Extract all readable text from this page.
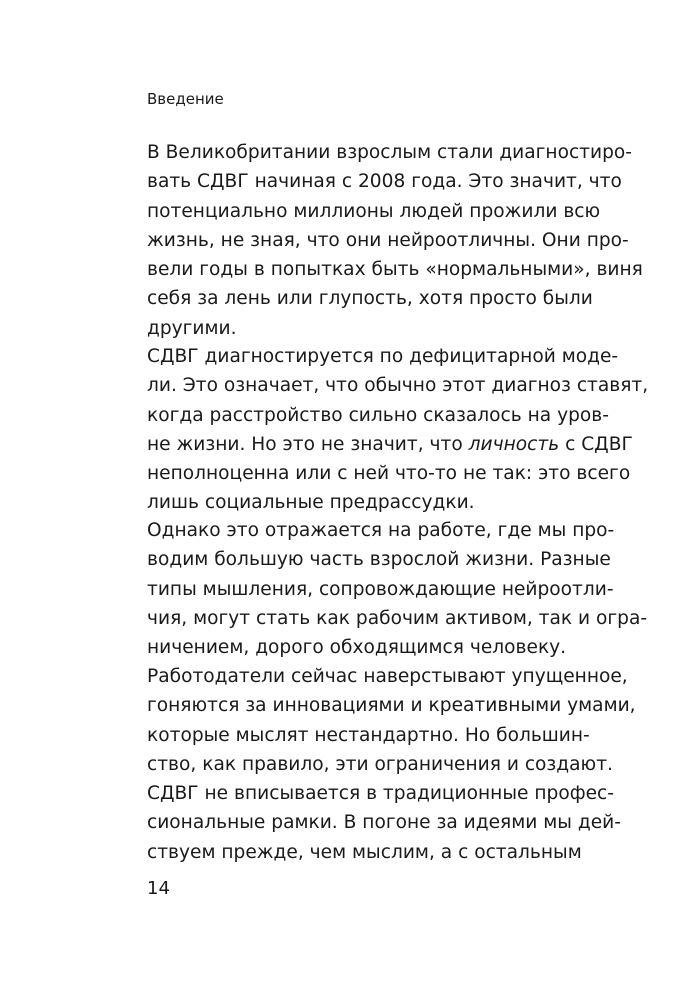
Введение
В Великобритании взрослым стали диагностиро-
вать СДВГ начиная с 2008 года. Это значит, что
потенциально миллионы людей прожили всю
жизнь, не зная, что они нейроотличны. Они про-
вели годы в попытках быть «нормальными», виня
себя за лень или глупость, хотя просто были
другими.
СДВГ диагностируется по дефицитарной моде-
ли. Это означает, что обычно этот диагноз ставят,
когда расстройство сильно сказалось на уров-
не жизни. Но это не значит, что личность с СДВГ
неполноценна или с ней что-то не так: это всего
лишь социальные предрассудки.
Однако это отражается на работе, где мы про-
водим большую часть взрослой жизни. Разные
типы мышления, сопровождающие нейроотли-
чия, могут стать как рабочим активом, так и огра-
ничением, дорого обходящимся человеку.
Работодатели сейчас наверстывают упущенное,
гоняются за инновациями и креативными умами,
которые мыслят нестандартно. Но большин-
ство, как правило, эти ограничения и создают.
СДВГ не вписывается в традиционные профес-
сиональные рамки. В погоне за идеями мы дей-
ствуем прежде, чем мыслим, а с остальным
14
